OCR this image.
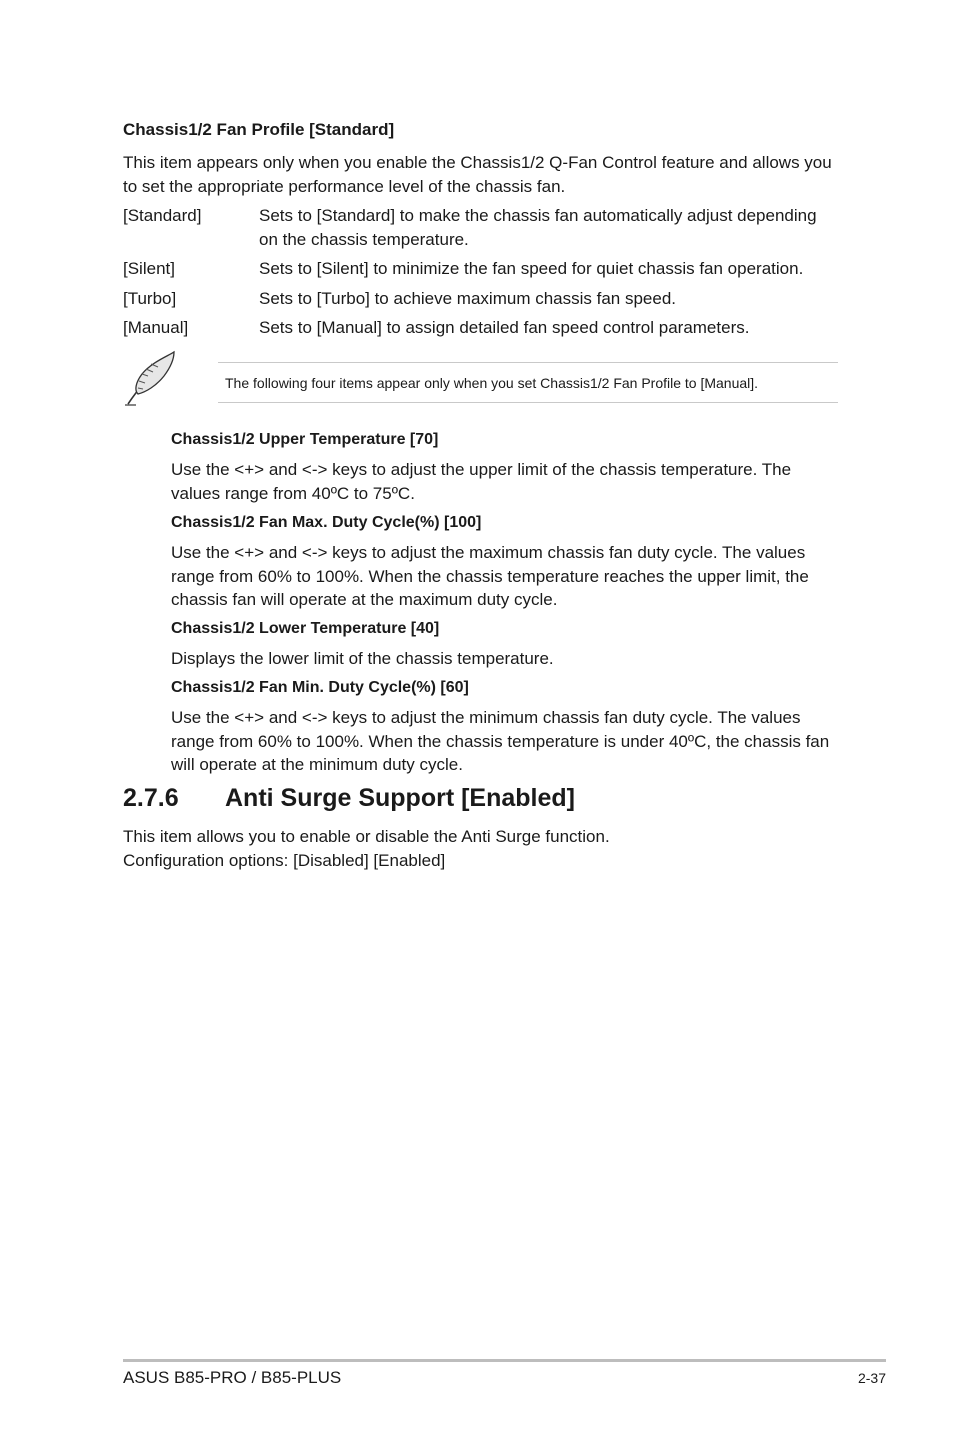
Chassis1/2 Fan Profile [Standard]

This item appears only when you enable the Chassis1/2 Q-Fan Control feature and allows you to set the appropriate performance level of the chassis fan.

[Standard]	Sets to [Standard] to make the chassis fan automatically adjust depending on the chassis temperature.
[Silent]	Sets to [Silent] to minimize the fan speed for quiet chassis fan operation.
[Turbo]	Sets to [Turbo] to achieve maximum chassis fan speed.
[Manual]	Sets to [Manual] to assign detailed fan speed control parameters.
The following four items appear only when you set Chassis1/2 Fan Profile to [Manual].

Chassis1/2 Upper Temperature [70]

Use the <+> and <-> keys to adjust the upper limit of the chassis temperature. The values range from 40ºC to 75ºC.

Chassis1/2 Fan Max. Duty Cycle(%) [100]

Use the <+> and <-> keys to adjust the maximum chassis fan duty cycle. The values range from 60% to 100%. When the chassis temperature reaches the upper limit, the chassis fan will operate at the maximum duty cycle.

Chassis1/2 Lower Temperature [40]

Displays the lower limit of the chassis temperature.

Chassis1/2 Fan Min. Duty Cycle(%) [60]

Use the <+> and <-> keys to adjust the minimum chassis fan duty cycle. The values range from 60% to 100%. When the chassis temperature is under 40ºC, the chassis fan will operate at the minimum duty cycle.

2.7.6 Anti Surge Support [Enabled]

This item allows you to enable or disable the Anti Surge function.

Configuration options: [Disabled] [Enabled]

ASUS B85-PRO / B85-PLUS	2-37
